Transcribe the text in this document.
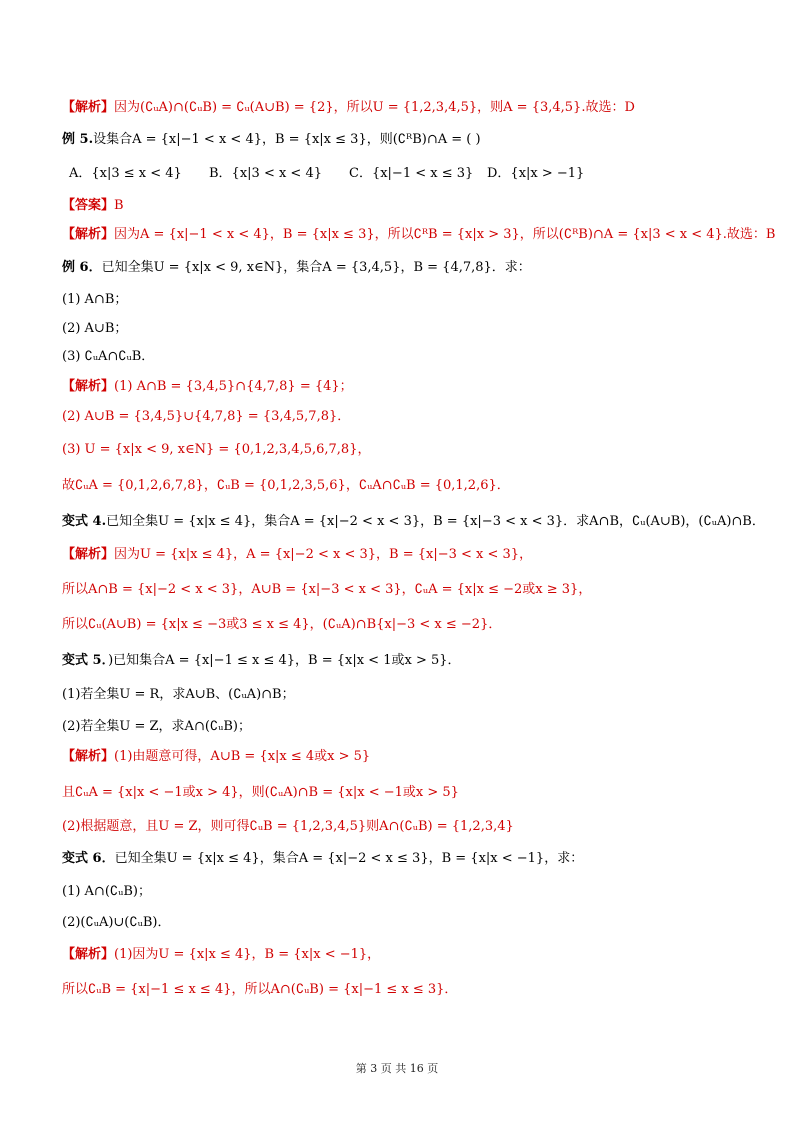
【解析】因为(∁ᵤA)∩(∁ᵤB) = ∁ᵤ(A∪B) = {2}，所以U = {1,2,3,4,5}，则A = {3,4,5}.故选：D
例 5.设集合A = {x|−1 < x < 4}，B = {x|x ≤ 3}，则(∁ᴿB)∩A = ( )
A．{x|3 ≤ x < 4} B．{x|3 < x < 4} C．{x|−1 < x ≤ 3} D．{x|x > −1}
【答案】B
【解析】因为A = {x|−1 < x < 4}，B = {x|x ≤ 3}，所以∁ᴿB = {x|x > 3}，所以(∁ᴿB)∩A = {x|3 < x < 4}.故选：B
例 6．已知全集U = {x|x < 9, x∈N}，集合A = {3,4,5}，B = {4,7,8}．求：
(1) A∩B；
(2) A∪B；
(3) ∁ᵤA∩∁ᵤB．
【解析】(1) A∩B = {3,4,5}∩{4,7,8} = {4}；
(2) A∪B = {3,4,5}∪{4,7,8} = {3,4,5,7,8}．
(3) U = {x|x < 9, x∈N} = {0,1,2,3,4,5,6,7,8}，
故∁ᵤA = {0,1,2,6,7,8}，∁ᵤB = {0,1,2,3,5,6}，∁ᵤA∩∁ᵤB = {0,1,2,6}．
变式 4.已知全集U = {x|x ≤ 4}，集合A = {x|−2 < x < 3}，B = {x|−3 < x < 3}．求A∩B，∁ᵤ(A∪B)，(∁ᵤA)∩B．
【解析】因为U = {x|x ≤ 4}，A = {x|−2 < x < 3}，B = {x|−3 < x < 3}，
所以A∩B = {x|−2 < x < 3}，A∪B = {x|−3 < x < 3}，∁ᵤA = {x|x ≤ −2或x ≥ 3}，
所以∁ᵤ(A∪B) = {x|x ≤ −3或3 ≤ x ≤ 4}，(∁ᵤA)∩B{x|−3 < x ≤ −2}．
变式 5．)已知集合A = {x|−1 ≤ x ≤ 4}，B = {x|x < 1或x > 5}．
(1)若全集U = R，求A∪B、(∁ᵤA)∩B；
(2)若全集U = Z，求A∩(∁ᵤB)；
【解析】(1)由题意可得，A∪B = {x|x ≤ 4或x > 5}
且∁ᵤA = {x|x < −1或x > 4}，则(∁ᵤA)∩B = {x|x < −1或x > 5}
(2)根据题意，且U = Z，则可得∁ᵤB = {1,2,3,4,5}则A∩(∁ᵤB) = {1,2,3,4}
变式 6．已知全集U = {x|x ≤ 4}，集合A = {x|−2 < x ≤ 3}，B = {x|x < −1}，求：
(1) A∩(∁ᵤB)；
(2)(∁ᵤA)∪(∁ᵤB)．
【解析】(1)因为U = {x|x ≤ 4}，B = {x|x < −1}，
所以∁ᵤB = {x|−1 ≤ x ≤ 4}，所以A∩(∁ᵤB) = {x|−1 ≤ x ≤ 3}．
第 3 页 共 16 页
